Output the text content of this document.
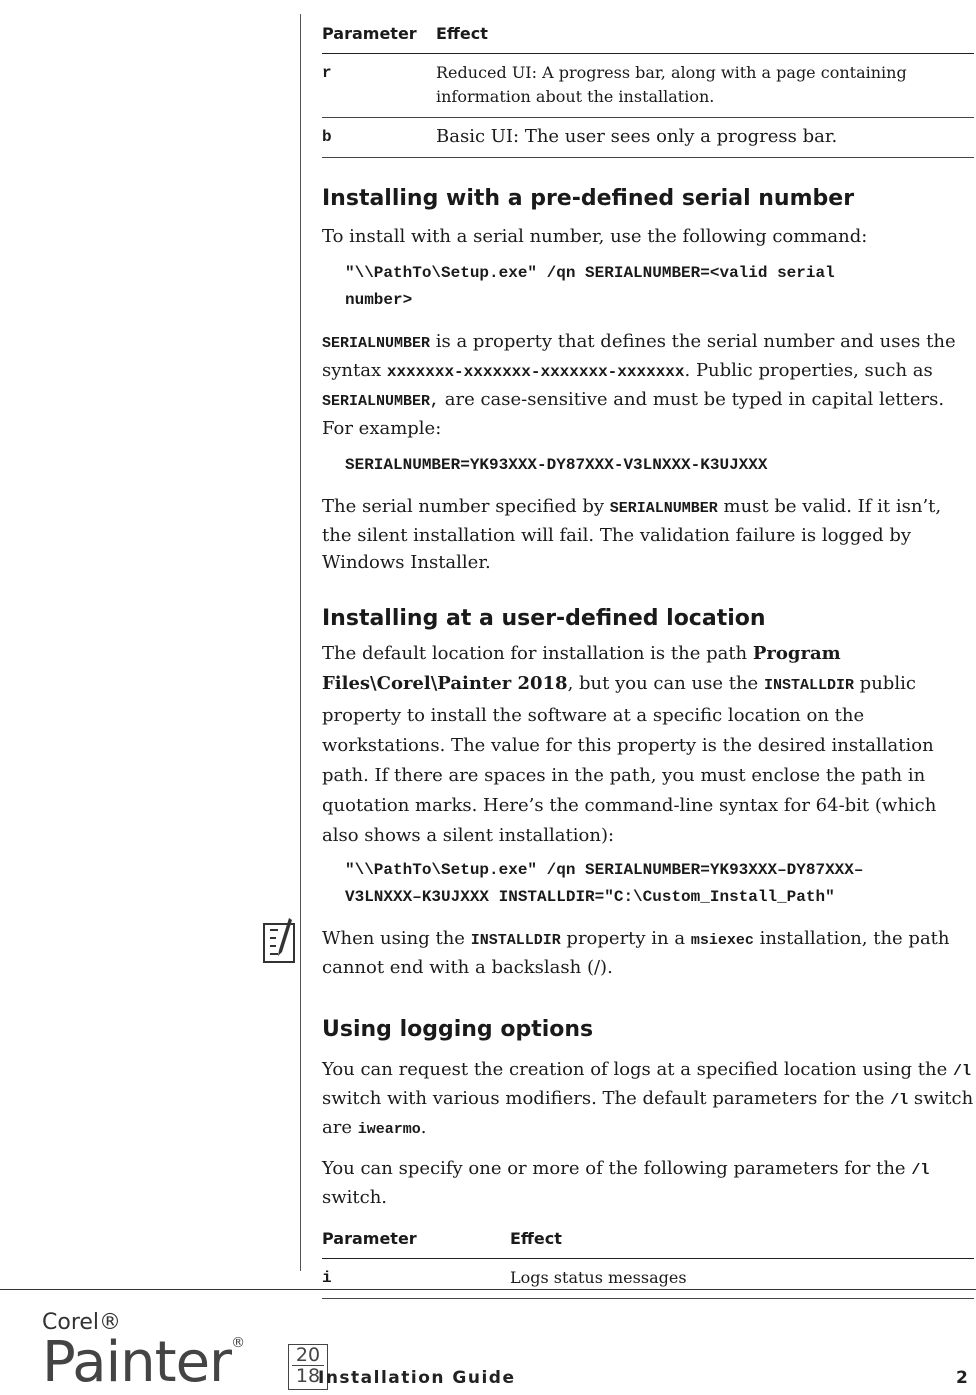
Parameter	Effect
r	Reduced UI: A progress bar, along with a page containing information about the installation.
b	Basic UI: The user sees only a progress bar.
Installing with a pre-defined serial number

To install with a serial number, use the following command:

"\\PathTo\Setup.exe" /qn SERIALNUMBER=<valid serial
number>

SERIALNUMBER is a property that defines the serial number and uses the syntax xxxxxxx-xxxxxxx-xxxxxxx-xxxxxxx. Public properties, such as SERIALNUMBER, are case-sensitive and must be typed in capital letters. For example:

SERIALNUMBER=YK93XXX-DY87XXX-V3LNXXX-K3UJXXX

The serial number specified by SERIALNUMBER must be valid. If it isn’t, the silent installation will fail. The validation failure is logged by Windows Installer.

Installing at a user-defined location

The default location for installation is the path Program Files\Corel\Painter 2018, but you can use the INSTALLDIR public property to install the software at a specific location on the workstations. The value for this property is the desired installation path. If there are spaces in the path, you must enclose the path in quotation marks. Here’s the command-line syntax for 64-bit (which also shows a silent installation):

"\\PathTo\Setup.exe" /qn SERIALNUMBER=YK93XXX–DY87XXX–
V3LNXXX–K3UJXXX INSTALLDIR="C:\Custom_Install_Path"

When using the INSTALLDIR property in a msiexec installation, the path cannot end with a backslash (/).

Using logging options

You can request the creation of logs at a specified location using the /l switch with various modifiers. The default parameters for the /l switch are iwearmo.

You can specify one or more of the following parameters for the /l switch.

Parameter	Effect
i	Logs status messages
Corel®
Painter®
20
18
Installation Guide	2
